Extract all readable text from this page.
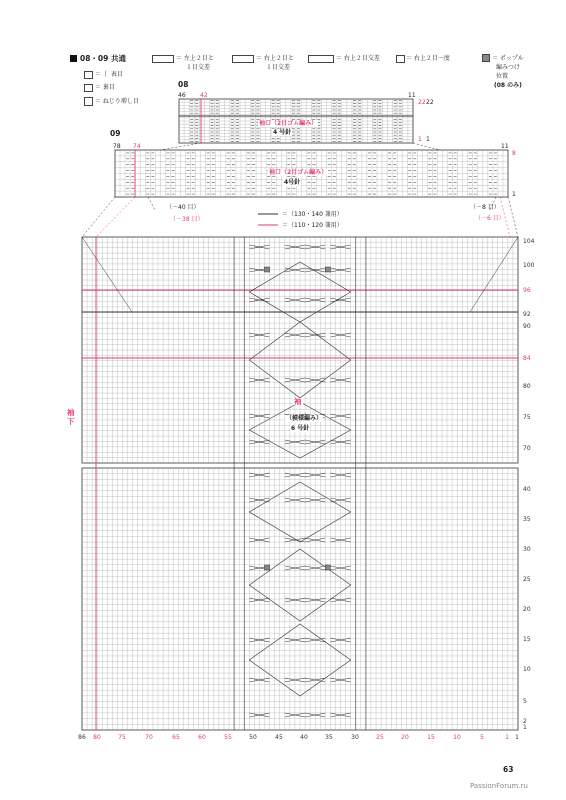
08・09 共通
＝ 丨 表目
＝ 裏目
＝ ねじり増し目
＝ 左上２目と
１目交差
＝ 右上２目と
１目交差
＝ 右上２目交差	＝ 右上２目一度	＝ ポップル
編みつけ
位置
(08 のみ)
08
46 42	11
22 22
1 1
09
78 74	11
8
1
104
100
96
92
90
84
80
75
70
40
35
30
25
20
15
10
5
2
1
86 80	75	70	65	60	55	50	45	40	35	30	25	20	15	10	5	1 1
袖口（2目ゴム編み）
4 号針
袖口（2目ゴム編み）
4号針
（－40 目）
（－38 目）
（－8 目）
（－6 目）
＝（130・140 兼用）
＝（110・120 兼用）
袖
（模様編み）
6 号針
袖下
63
PassionForum.ru
